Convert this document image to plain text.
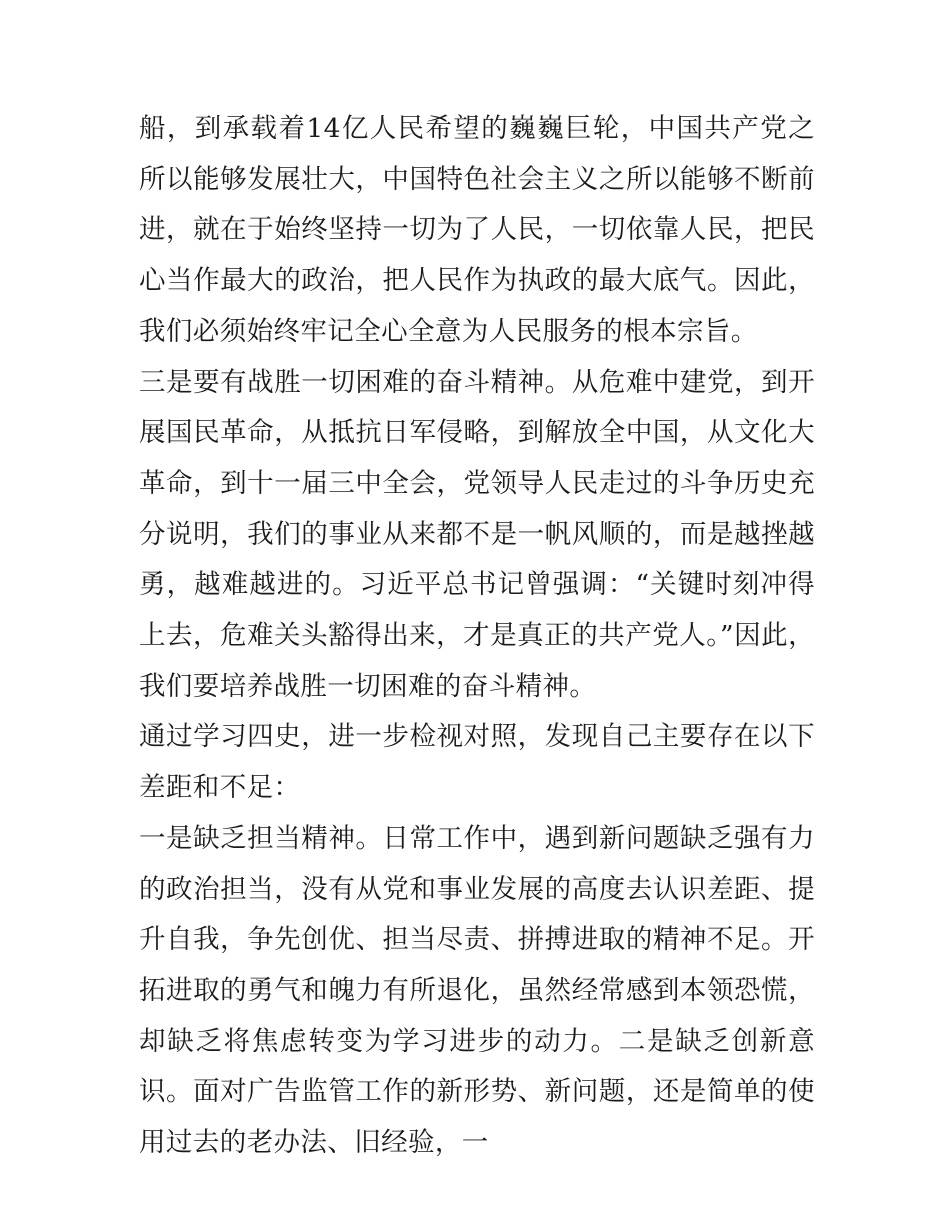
船，到承载着14亿人民希望的巍巍巨轮，中国共产党之所以能够发展壮大，中国特色社会主义之所以能够不断前进，就在于始终坚持一切为了人民，一切依靠人民，把民心当作最大的政治，把人民作为执政的最大底气。因此，我们必须始终牢记全心全意为人民服务的根本宗旨。

三是要有战胜一切困难的奋斗精神。从危难中建党，到开展国民革命，从抵抗日军侵略，到解放全中国，从文化大革命，到十一届三中全会，党领导人民走过的斗争历史充分说明，我们的事业从来都不是一帆风顺的，而是越挫越勇，越难越进的。习近平总书记曾强调：“关键时刻冲得上去，危难关头豁得出来，才是真正的共产党人。”因此，我们要培养战胜一切困难的奋斗精神。

通过学习四史，进一步检视对照，发现自己主要存在以下差距和不足：

一是缺乏担当精神。日常工作中，遇到新问题缺乏强有力的政治担当，没有从党和事业发展的高度去认识差距、提升自我，争先创优、担当尽责、拼搏进取的精神不足。开拓进取的勇气和魄力有所退化，虽然经常感到本领恐慌，却缺乏将焦虑转变为学习进步的动力。二是缺乏创新意识。面对广告监管工作的新形势、新问题，还是简单的使用过去的老办法、旧经验，一
